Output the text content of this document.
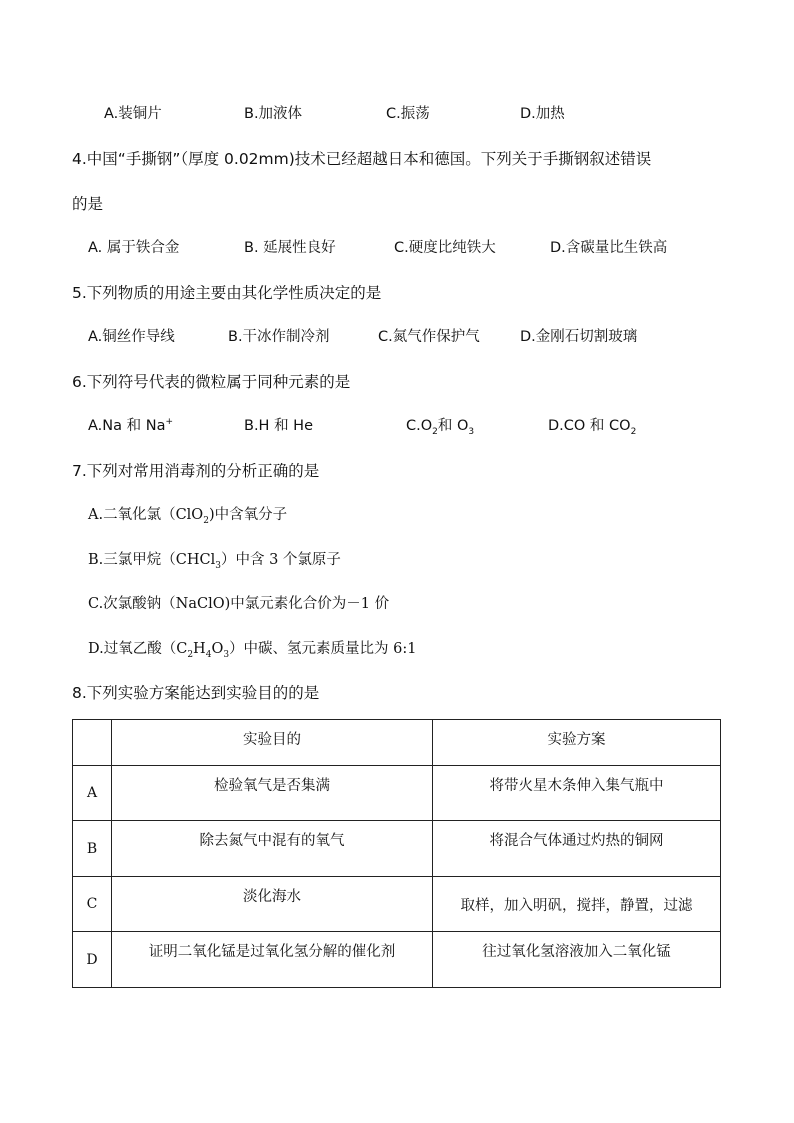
A.装铜片	B.加液体	C.振荡	D.加热
4.中国“手撕钢”（厚度 0.02mm)技术已经超越日本和德国。下列关于手撕钢叙述错误
的是
A. 属于铁合金	B. 延展性良好	C.硬度比纯铁大	D.含碳量比生铁高
5.下列物质的用途主要由其化学性质决定的是
A.铜丝作导线	B.干冰作制冷剂	C.氮气作保护气	D.金刚石切割玻璃
6.下列符号代表的微粒属于同种元素的是
A.Na 和 Na+	B.H 和 He	$C.O_2$和 $O_3$	D.CO 和 $CO_2$
7.下列对常用消毒剂的分析正确的是
A.二氧化氯（ClO$_2$)中含氧分子
B.三氯甲烷（CHCl$_3$）中含 3 个氯原子
C.次氯酸钠（NaClO)中氯元素化合价为－1 价
D.过氧乙酸$(C_2H_4O_3)$中碳、氢元素质量比为 6:1
8.下列实验方案能达到实验目的的是

	实验目的	实验方案

A	检验氧气是否集满	将带火星木条伸入集气瓶中

B	除去氮气中混有的氧气	将混合气体通过灼热的铜网

C	淡化海水	取样，加入明矾，搅拌，静置，过滤

D	证明二氧化锰是过氧化氢分解的催化剂	往过氧化氢溶液加入二氧化锰
